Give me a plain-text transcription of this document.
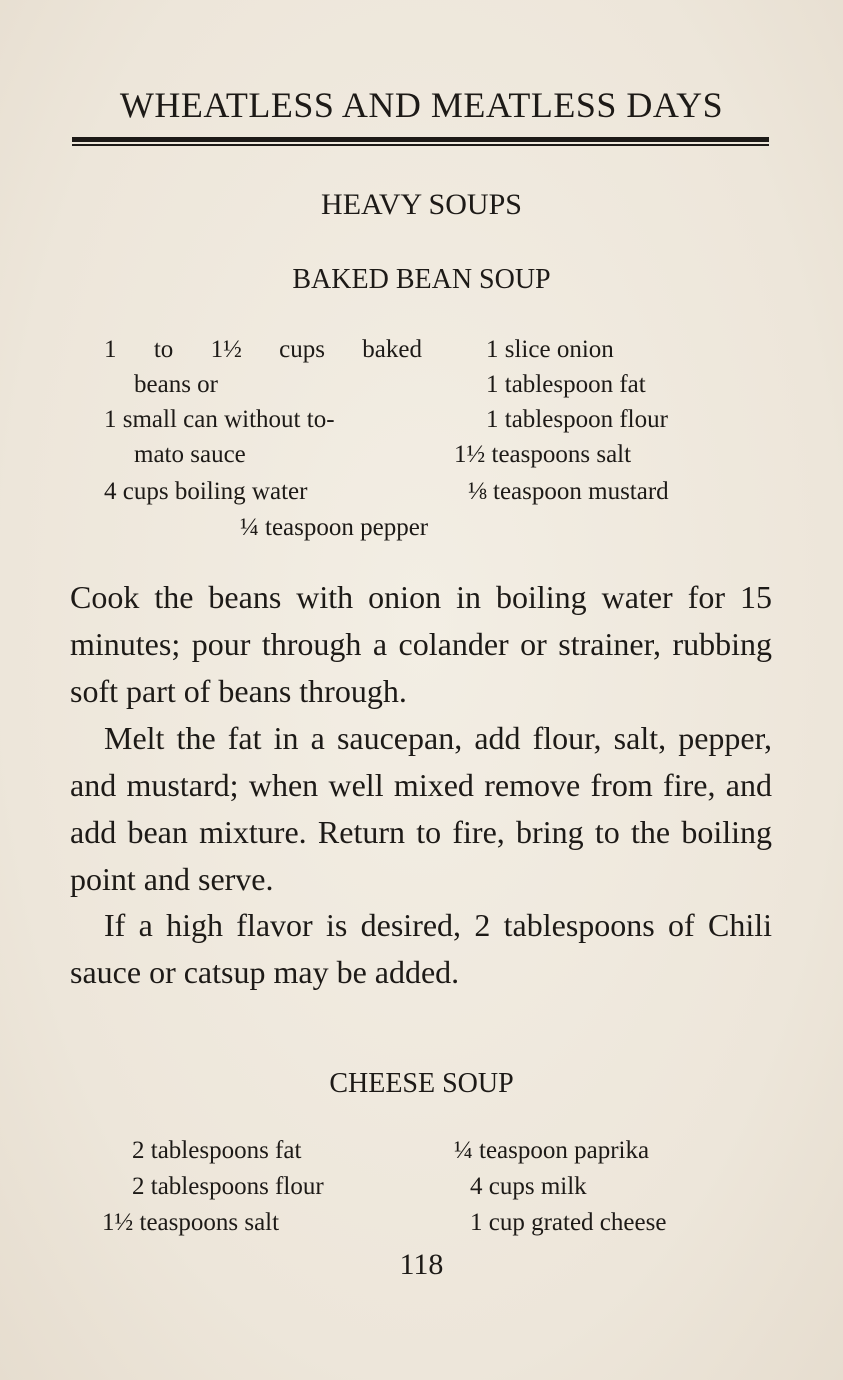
WHEATLESS AND MEATLESS DAYS
HEAVY SOUPS
BAKED BEAN SOUP
1 to 1½ cups baked
beans or
1 small can without to-
mato sauce
4 cups boiling water
1 slice onion
1 tablespoon fat
1 tablespoon flour
1½ teaspoons salt
⅛ teaspoon mustard
¼ teaspoon pepper
Cook the beans with onion in boiling water for 15 minutes; pour through a colander or strainer, rubbing soft part of beans through.
Melt the fat in a saucepan, add flour, salt, pepper, and mustard; when well mixed remove from fire, and add bean mixture. Return to fire, bring to the boiling point and serve.
If a high flavor is desired, 2 tablespoons of Chili sauce or catsup may be added.
CHEESE SOUP
2 tablespoons fat
2 tablespoons flour
1½ teaspoons salt
¼ teaspoon paprika
4 cups milk
1 cup grated cheese
118
